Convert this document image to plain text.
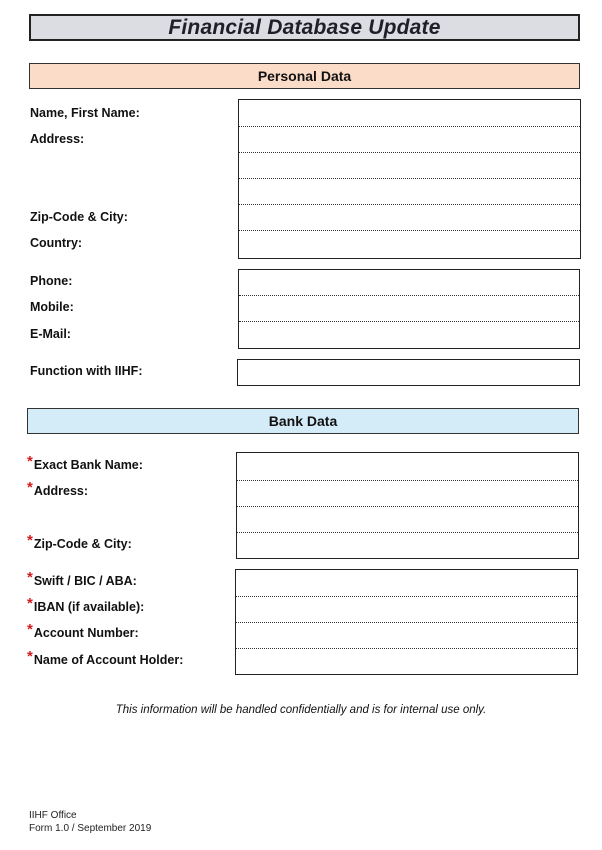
Financial Database Update
Personal Data
Name, First Name:
Address:
Zip-Code & City:
Country:
Phone:
Mobile:
E-Mail:
Function with IIHF:
Bank Data
*Exact Bank Name:
*Address:
*Zip-Code & City:
*Swift / BIC / ABA:
*IBAN (if available):
*Account Number:
*Name of Account Holder:
This information will be handled confidentially and is for internal use only.
IIHF Office
Form 1.0 / September 2019
